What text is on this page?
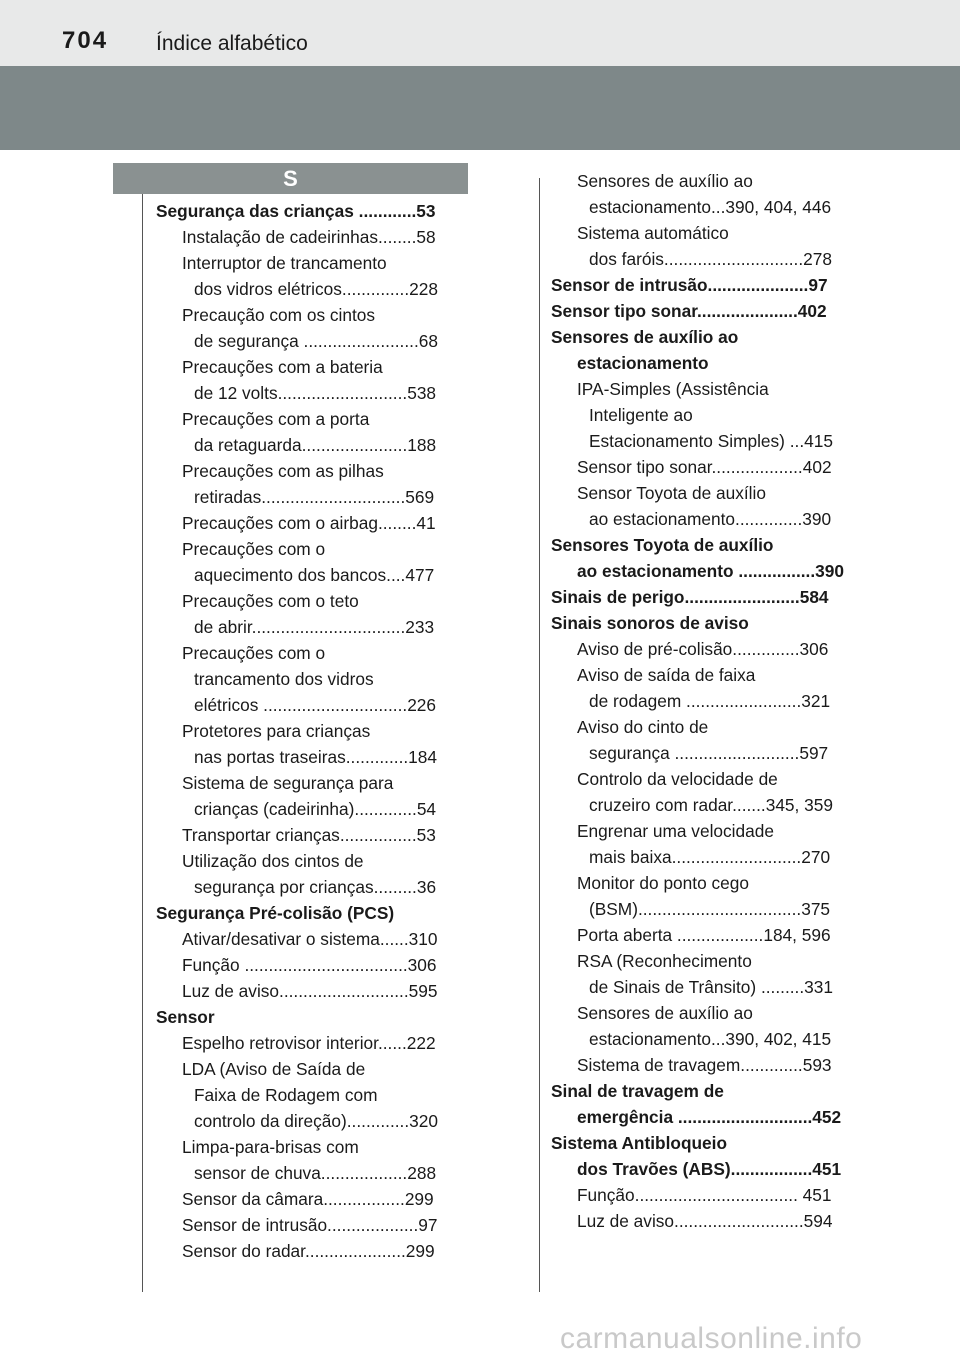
704 Índice alfabético
S
Segurança das crianças ............53
Instalação de cadeirinhas........58
Interruptor de trancamento
dos vidros elétricos..............228
Precaução com os cintos
de segurança ........................68
Precauções com a bateria
de 12 volts...........................538
Precauções com a porta
da retaguarda......................188
Precauções com as pilhas
retiradas..............................569
Precauções com o airbag........41
Precauções com o
aquecimento dos bancos....477
Precauções com o teto
de abrir................................233
Precauções com o
trancamento dos vidros
elétricos ..............................226
Protetores para crianças
nas portas traseiras.............184
Sistema de segurança para
crianças (cadeirinha).............54
Transportar crianças................53
Utilização dos cintos de
segurança por crianças.........36
Segurança Pré-colisão (PCS)
Ativar/desativar o sistema......310
Função ..................................306
Luz de aviso...........................595
Sensor
Espelho retrovisor interior......222
LDA (Aviso de Saída de
Faixa de Rodagem com
controlo da direção).............320
Limpa-para-brisas com
sensor de chuva..................288
Sensor da câmara.................299
Sensor de intrusão...................97
Sensor do radar.....................299
Sensores de auxílio ao
estacionamento...390, 404, 446
Sistema automático
dos faróis.............................278
Sensor de intrusão.....................97
Sensor tipo sonar.....................402
Sensores de auxílio ao
estacionamento
IPA-Simples (Assistência
Inteligente ao
Estacionamento Simples) ...415
Sensor tipo sonar...................402
Sensor Toyota de auxílio
ao estacionamento..............390
Sensores Toyota de auxílio
ao estacionamento ................390
Sinais de perigo........................584
Sinais sonoros de aviso
Aviso de pré-colisão..............306
Aviso de saída de faixa
de rodagem ........................321
Aviso do cinto de
segurança ..........................597
Controlo da velocidade de
cruzeiro com radar.......345, 359
Engrenar uma velocidade
mais baixa...........................270
Monitor do ponto cego
(BSM)..................................375
Porta aberta ..................184, 596
RSA (Reconhecimento
de Sinais de Trânsito) .........331
Sensores de auxílio ao
estacionamento...390, 402, 415
Sistema de travagem.............593
Sinal de travagem de
emergência ............................452
Sistema Antibloqueio
dos Travões (ABS).................451
Função.................................. 451
Luz de aviso...........................594
carmanualsonline.info
